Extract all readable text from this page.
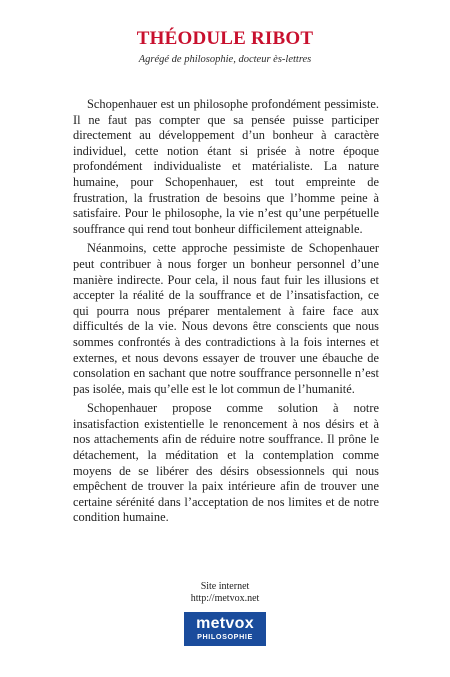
THÉODULE RIBOT
Agrégé de philosophie, docteur ès-lettres

Schopenhauer est un philosophe profondément pessimiste. Il ne faut pas compter que sa pensée puisse participer directement au développement d’un bonheur à caractère individuel, cette notion étant si prisée à notre époque profondément individualiste et matérialiste. La nature humaine, pour Schopenhauer, est tout empreinte de frustration, la frustration de besoins que l’homme peine à satisfaire. Pour le philosophe, la vie n’est qu’une perpétuelle souffrance qui rend tout bonheur difficilement atteignable.

Néanmoins, cette approche pessimiste de Schopenhauer peut contribuer à nous forger un bonheur personnel d’une manière indirecte. Pour cela, il nous faut fuir les illusions et accepter la réalité de la souffrance et de l’insatisfaction, ce qui pourra nous préparer mentalement à faire face aux difficultés de la vie. Nous devons être conscients que nous sommes confrontés à des contradictions à la fois internes et externes, et nous devons essayer de trouver une ébauche de consolation en sachant que notre souffrance personnelle n’est pas isolée, mais qu’elle est le lot commun de l’humanité.

Schopenhauer propose comme solution à notre insatisfaction existentielle le renoncement à nos désirs et à nos attachements afin de réduire notre souffrance. Il prône le détachement, la méditation et la contemplation comme moyens de se libérer des désirs obsessionnels qui nous empêchent de trouver la paix intérieure afin de trouver une certaine sérénité dans l’acceptation de nos limites et de notre condition humaine.

Site internet
http://metvox.net
metvox
PHILOSOPHIE
